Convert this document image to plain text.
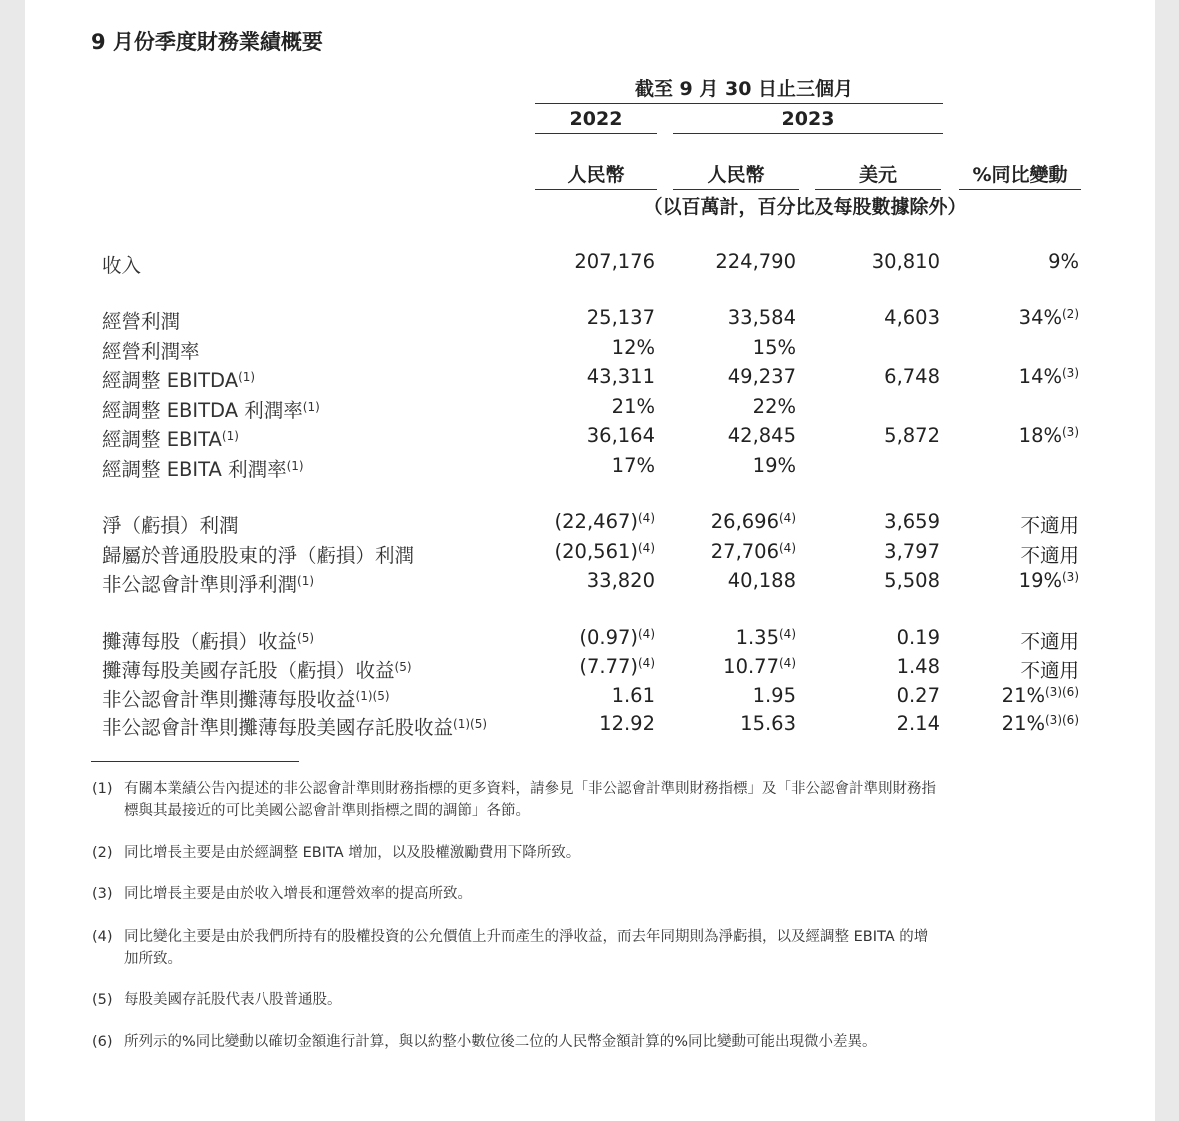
9 月份季度財務業績概要
截至 9 月 30 日止三個月
2022	2023
人民幣	人民幣	美元	%同比變動
（以百萬計，百分比及每股數據除外）
收入	207,176	224,790	30,810	9%
經營利潤	25,137	33,584	4,603	34%$^{(2)}$
經營利潤率	12%	15%
經調整 EBITDA$^{(1)}$	43,311	49,237	6,748	14%$^{(3)}$
經調整 EBITDA 利潤率$^{(1)}$	21%	22%
經調整 EBITA$^{(1)}$	36,164	42,845	5,872	18%$^{(3)}$
經調整 EBITA 利潤率$^{(1)}$	17%	19%
淨（虧損）利潤	$(22,467)^{(4)}$	26,696$^{(4)}$	3,659	不適用
歸屬於普通股股東的淨（虧損）利潤	$(20,561)^{(4)}$	27,706$^{(4)}$	3,797	不適用
非公認會計準則淨利潤$^{(1)}$	33,820	40,188	5,508	19%$^{(3)}$
攤薄每股（虧損）收益$^{(5)}$	$(0.97)^{(4)}$	1.35$^{(4)}$	0.19	不適用
攤薄每股美國存託股（虧損）收益$^{(5)}$	$(7.77)^{(4)}$	10.77$^{(4)}$	1.48	不適用
非公認會計準則攤薄每股收益$^{(1)(5)}$	1.61	1.95	0.27	21%$^{(3)(6)}$
非公認會計準則攤薄每股美國存託股收益$^{(1)(5)}$	12.92	15.63	2.14	21%$^{(3)(6)}$
(1) 有關本業績公告內提述的非公認會計準則財務指標的更多資料，請參見「非公認會計準則財務指標」及「非公認會計準則財務指
標與其最接近的可比美國公認會計準則指標之間的調節」各節。
(2) 同比增長主要是由於經調整 EBITA 增加，以及股權激勵費用下降所致。
(3) 同比增長主要是由於收入增長和運營效率的提高所致。
(4) 同比變化主要是由於我們所持有的股權投資的公允價值上升而產生的淨收益，而去年同期則為淨虧損，以及經調整 EBITA 的增
加所致。
(5) 每股美國存託股代表八股普通股。
(6) 所列示的%同比變動以確切金額進行計算，與以約整小數位後二位的人民幣金額計算的%同比變動可能出現微小差異。
